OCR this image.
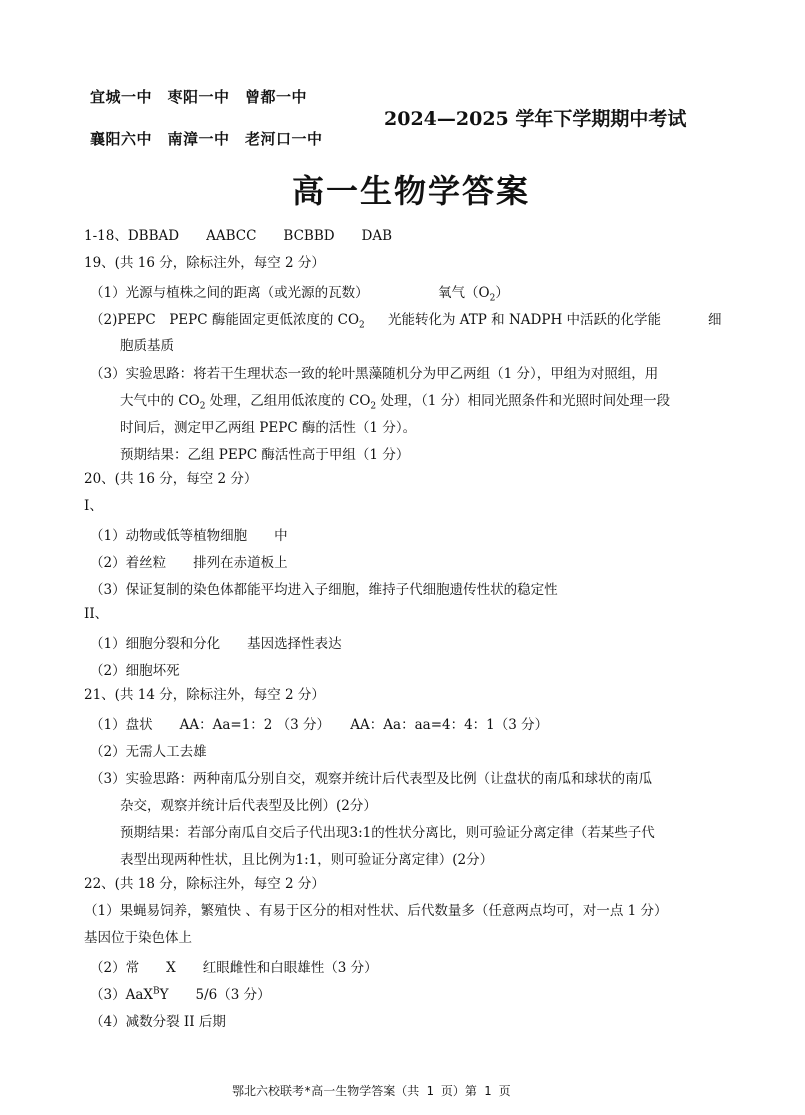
宜城一中　枣阳一中　曾都一中
襄阳六中　南漳一中　老河口一中
2024—2025 学年下学期期中考试
高一生物学答案
1-18、DBBAD　　AABCC　　BCBBD　　DAB
19、(共 16 分，除标注外，每空 2 分）
（1）光源与植株之间的距离（或光源的瓦数）	氧气$(O_2)$
（2)PEPC　PEPC 酶能固定更低浓度的 $CO_2$ 光能转化为 ATP 和 NADPH 中活跃的化学能	细
胞质基质
（3）实验思路：将若干生理状态一致的轮叶黑藻随机分为甲乙两组（1 分），甲组为对照组，用
大气中的 $CO_2$ 处理，乙组用低浓度的 $CO_2$ 处理，（1 分）相同光照条件和光照时间处理一段
时间后，测定甲乙两组 PEPC 酶的活性（1 分）。
预期结果：乙组 PEPC 酶活性高于甲组（1 分）
20、(共 16 分，每空 2 分）
I、
（1）动物或低等植物细胞　　中
（2）着丝粒　　排列在赤道板上
（3）保证复制的染色体都能平均进入子细胞，维持子代细胞遗传性状的稳定性
II、
（1）细胞分裂和分化　　基因选择性表达
（2）细胞坏死
21、(共 14 分，除标注外，每空 2 分）
（1）盘状　　AA：Aa=1：2 （3 分）　　AA：Aa：aa=4：4：1（3 分）
（2）无需人工去雄
（3）实验思路：两种南瓜分别自交，观察并统计后代表型及比例（让盘状的南瓜和球状的南瓜
杂交，观察并统计后代表型及比例）(2分）
预期结果：若部分南瓜自交后子代出现3:1的性状分离比，则可验证分离定律（若某些子代
表型出现两种性状，且比例为1:1，则可验证分离定律）(2分）
22、(共 18 分，除标注外，每空 2 分）
（1）果蝇易饲养，繁殖快 、有易于区分的相对性状、后代数量多（任意两点均可，对一点 1 分）
基因位于染色体上
（2）常　　X　　红眼雌性和白眼雄性（3 分）
（3）AaX$^B$Y　　5/6（3 分）
（4）减数分裂 II 后期
鄂北六校联考*高一生物学答案（共 1 页）第 1 页
